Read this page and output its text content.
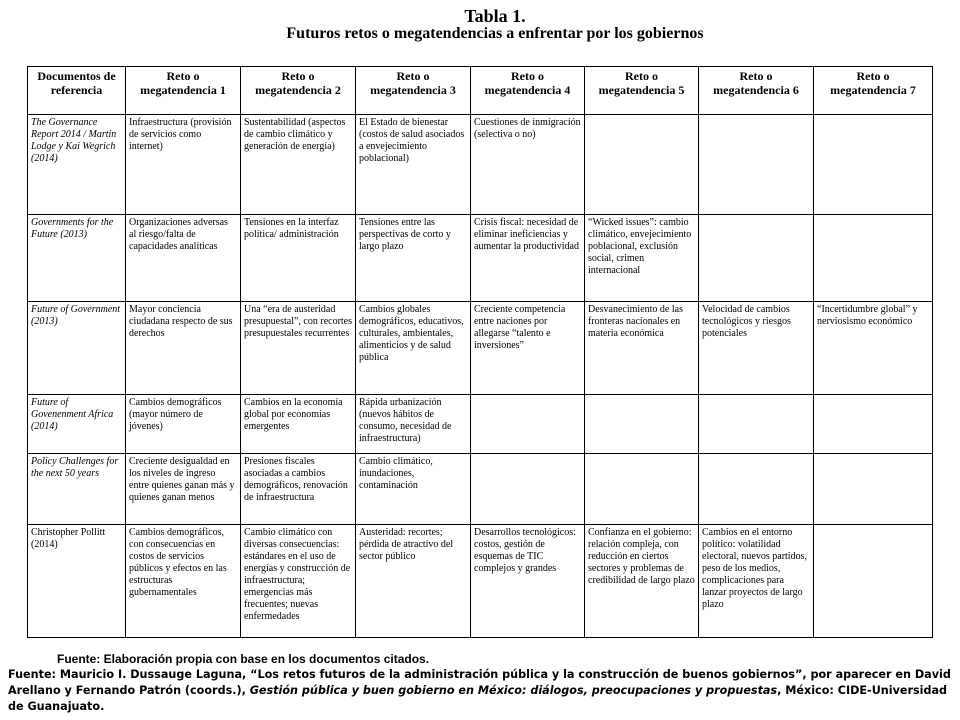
Tabla 1.
Futuros retos o megatendencias a enfrentar por los gobiernos
Documentos de referencia	Reto o megatendencia 1	Reto o megatendencia 2	Reto o megatendencia 3	Reto o megatendencia 4	Reto o megatendencia 5	Reto o megatendencia 6	Reto o megatendencia 7
The Governance Report 2014 / Martin Lodge y Kai Wegrich (2014)	Infraestructura (provisión de servicios como internet)	Sustentabilidad (aspectos de cambio climático y generación de energía)	El Estado de bienestar (costos de salud asociados a envejecimiento poblacional)	Cuestiones de inmigración (selectiva o no)			
Governments for the Future (2013)	Organizaciones adversas al riesgo/falta de capacidades analíticas	Tensiones en la interfaz política/ administración	Tensiones entre las perspectivas de corto y largo plazo	Crisis fiscal: necesidad de eliminar ineficiencias y aumentar la productividad	“Wicked issues”: cambio climático, envejecimiento poblacional, exclusión social, crimen internacional		
Future of Government (2013)	Mayor conciencia ciudadana respecto de sus derechos	Una “era de austeridad presupuestal”, con recortes presupuestales recurrentes	Cambios globales demográficos, educativos, culturales, ambientales, alimenticios y de salud pública	Creciente competencia entre naciones por allegarse “talento e inversiones”	Desvanecimiento de las fronteras nacionales en materia económica	Velocidad de cambios tecnológicos y riesgos potenciales	“Incertidumbre global” y nerviosismo económico
Future of Govenenment Africa (2014)	Cambios demográficos (mayor número de jóvenes)	Cambios en la economía global por economías emergentes	Rápida urbanización (nuevos hábitos de consumo, necesidad de infraestructura)				
Policy Challenges for the next 50 years	Creciente desigualdad en los niveles de ingreso entre quienes ganan más y quienes ganan menos	Presiones fiscales asociadas a cambios demográficos, renovación de infraestructura	Cambio climático, inundaciones, contaminación				
Christopher Pollitt (2014)	Cambios demográficos, con consecuencias en costos de servicios públicos y efectos en las estructuras gubernamentales	Cambio climático con diversas consecuencias: estándares en el uso de energías y construcción de infraestructura; emergencias más frecuentes; nuevas enfermedades	Austeridad: recortes; pérdida de atractivo del sector público	Desarrollos tecnológicos: costos, gestión de esquemas de TIC complejos y grandes	Confianza en el gobierno: relación compleja, con reducción en ciertos sectores y problemas de credibilidad de largo plazo	Cambios en el entorno político: volatilidad electoral, nuevos partidos, peso de los medios, complicaciones para lanzar proyectos de largo plazo	
Fuente: Elaboración propia con base en los documentos citados.
Fuente: Mauricio I. Dussauge Laguna, “Los retos futuros de la administración pública y la construcción de buenos gobiernos”, por aparecer en David Arellano y Fernando Patrón (coords.), Gestión pública y buen gobierno en México: diálogos, preocupaciones y propuestas, México: CIDE-Universidad de Guanajuato.
